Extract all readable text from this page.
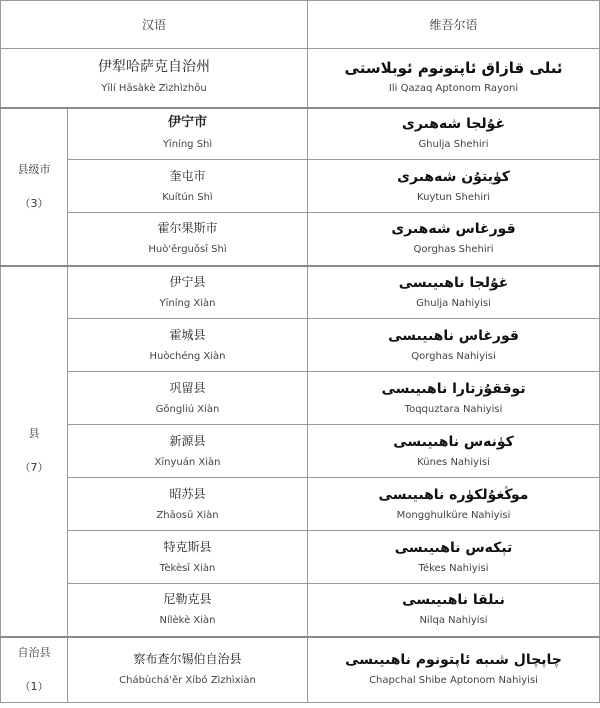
汉语		维吾尔语

伊犁哈萨克自治州
Yīlí Hāsàkè Zìzhìzhōu		ئىلى قازاق ئاپتونوم ئوبلاستى
Ili Qazaq Aptonom Rayoni

县级市
（3）	伊宁市
Yīníng Shì	غۇلجا شەھىرى
Ghulja Shehiri

	奎屯市
Kuítún Shì	كۈيتۇن شەھىرى
Kuytun Shehiri

	霍尔果斯市
Huò'ěrguǒsī Shì	قورغاس شەھىرى
Qorghas Shehiri

县
（7）	伊宁县
Yīníng Xiàn	غۇلجا ناھىيىسى
Ghulja Nahiyisi

	霍城县
Huòchéng Xiàn	قورغاس ناھىيىسى
Qorghas Nahiyisi

	巩留县
Gǒngliú Xiàn	توققۇزتارا ناھىيىسى
Toqquztara Nahiyisi

	新源县
Xīnyuán Xiàn	كۈنەس ناھىيىسى
Künes Nahiyisi

	昭苏县
Zhāosū Xiàn	موڭغۇلكۈرە ناھىيىسى
Mongghulküre Nahiyisi

	特克斯县
Tèkèsī Xiàn	تېكەس ناھىيىسى
Tékes Nahiyisi

	尼勒克县
Nílèkè Xiàn	نىلقا ناھىيىسى
Nilqa Nahiyisi

自治县
（1）	察布查尔锡伯自治县
Chábùchá'ěr Xíbó Zìzhìxiàn	چاپچال شىبە ئاپتونوم ناھىيىسى
Chapchal Shibe Aptonom Nahiyisi
